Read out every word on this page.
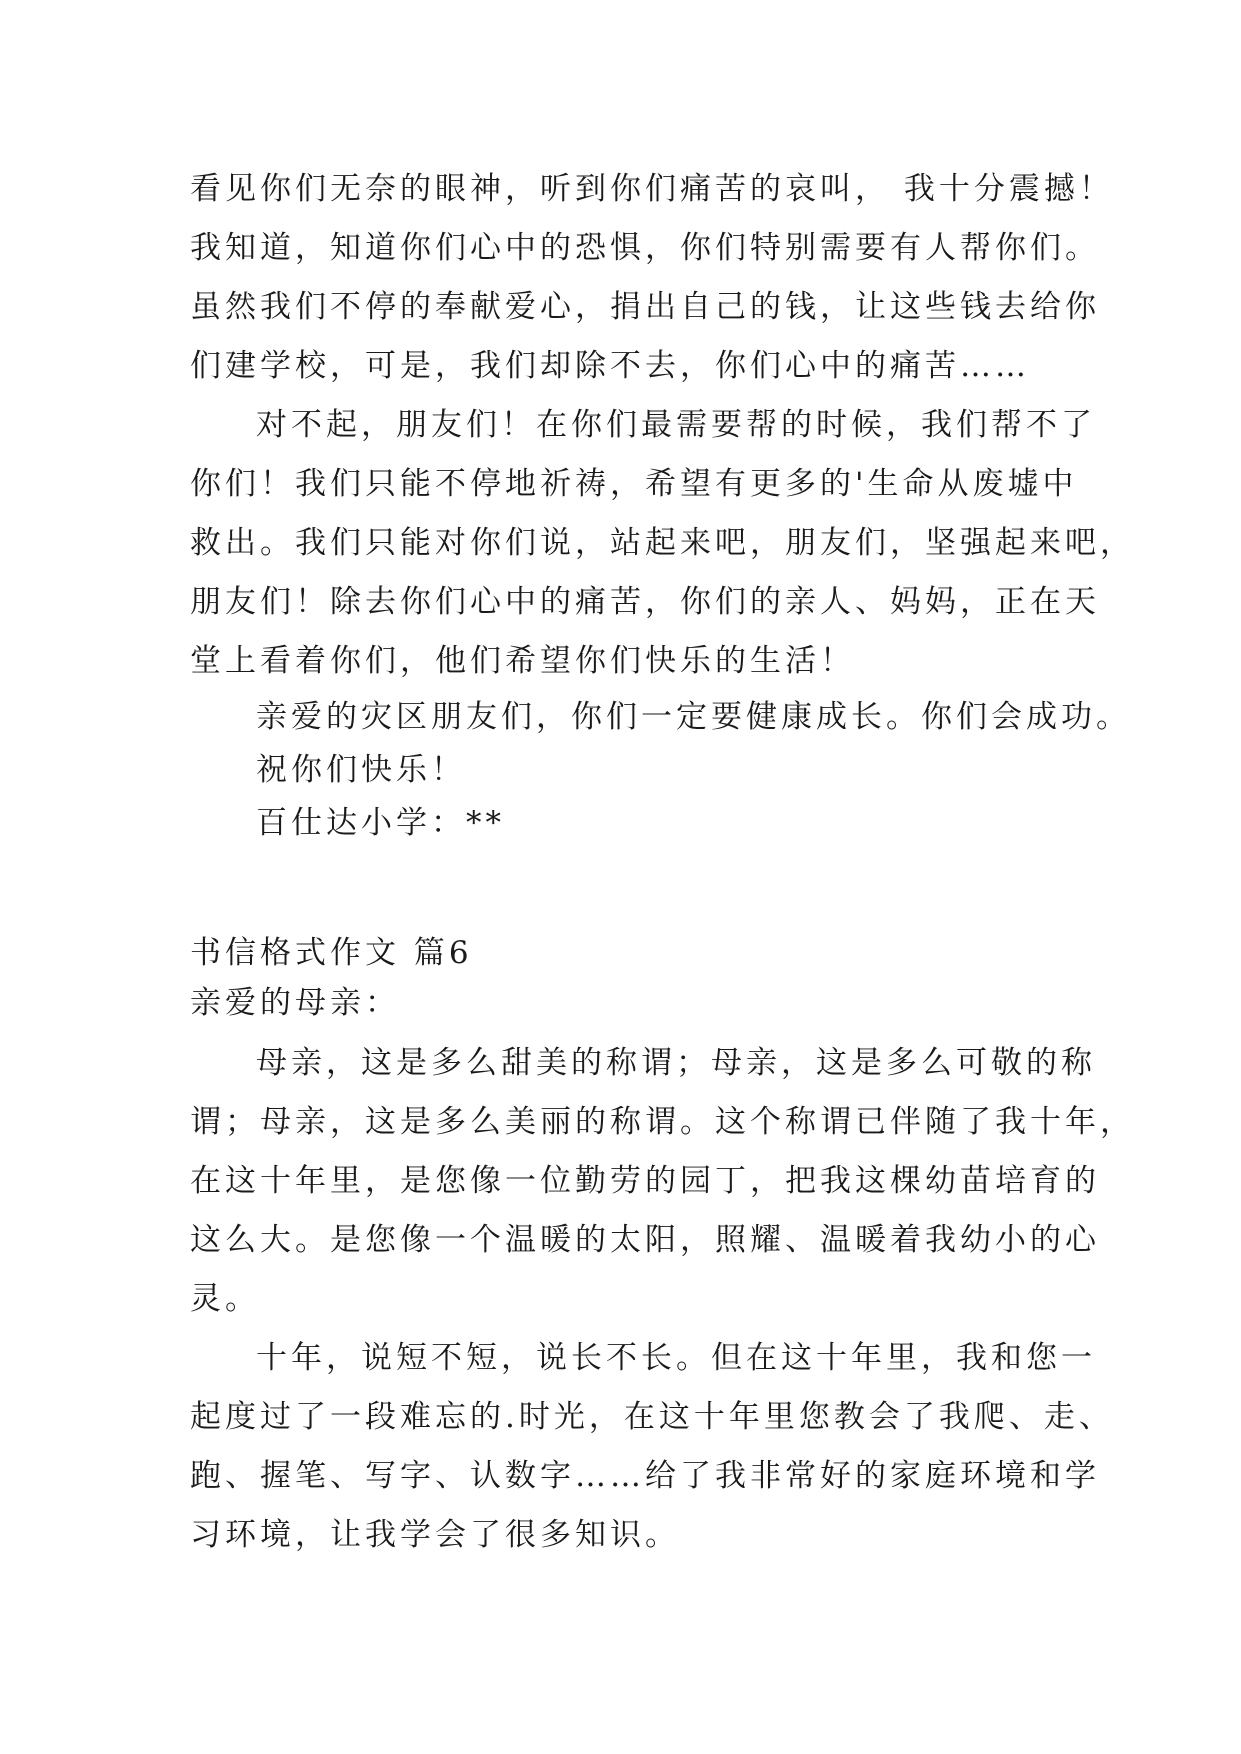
看见你们无奈的眼神，听到你们痛苦的哀叫， 我十分震撼！
我知道，知道你们心中的恐惧，你们特别需要有人帮你们。
虽然我们不停的奉献爱心，捐出自己的钱，让这些钱去给你
们建学校，可是，我们却除不去，你们心中的痛苦……
对不起，朋友们！在你们最需要帮的时候，我们帮不了
你们！我们只能不停地祈祷，希望有更多的'生命从废墟中
救出。我们只能对你们说，站起来吧，朋友们，坚强起来吧，
朋友们！除去你们心中的痛苦，你们的亲人、妈妈，正在天
堂上看着你们，他们希望你们快乐的生活！
亲爱的灾区朋友们，你们一定要健康成长。你们会成功。
祝你们快乐！
百仕达小学：**
书信格式作文 篇6
亲爱的母亲：
母亲，这是多么甜美的称谓；母亲，这是多么可敬的称
谓；母亲，这是多么美丽的称谓。这个称谓已伴随了我十年，
在这十年里，是您像一位勤劳的园丁，把我这棵幼苗培育的
这么大。是您像一个温暖的太阳，照耀、温暖着我幼小的心
灵。
十年，说短不短，说长不长。但在这十年里，我和您一
起度过了一段难忘的.时光，在这十年里您教会了我爬、走、
跑、握笔、写字、认数字……给了我非常好的家庭环境和学
习环境，让我学会了很多知识。
